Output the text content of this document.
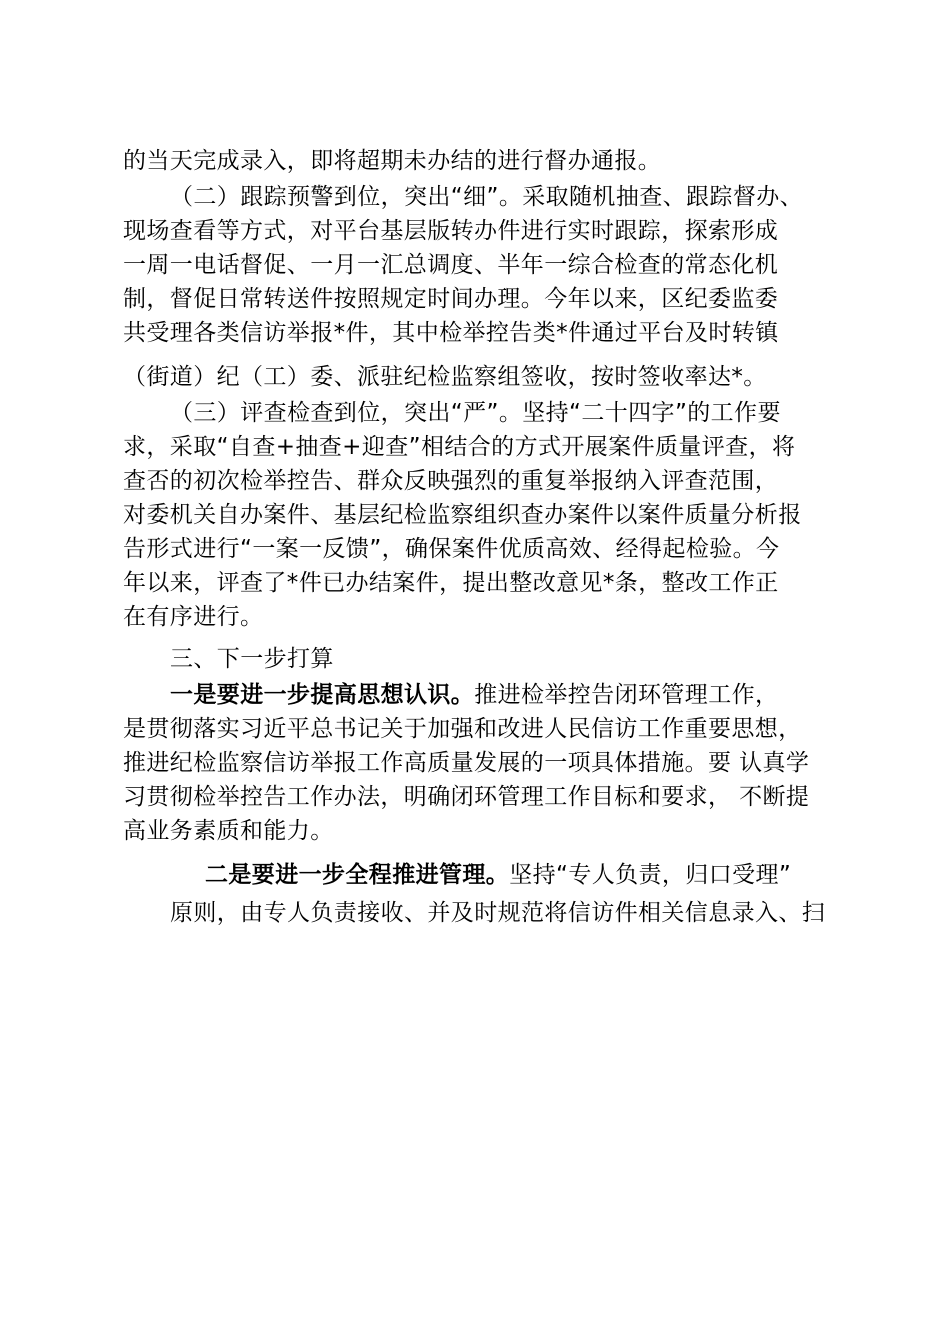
的当天完成录入，即将超期未办结的进行督办通报。
（二）跟踪预警到位，突出“细”。采取随机抽查、跟踪督办、
现场查看等方式，对平台基层版转办件进行实时跟踪，探索形成
一周一电话督促、一月一汇总调度、半年一综合检查的常态化机
制，督促日常转送件按照规定时间办理。今年以来，区纪委监委
共受理各类信访举报*件，其中检举控告类*件通过平台及时转镇
（街道）纪（工）委、派驻纪检监察组签收，按时签收率达*。
（三）评查检查到位，突出“严”。坚持“二十四字”的工作要
求，采取“自查+抽查+迎查”相结合的方式开展案件质量评查，将
查否的初次检举控告、群众反映强烈的重复举报纳入评查范围，
对委机关自办案件、基层纪检监察组织查办案件以案件质量分析报
告形式进行“一案一反馈”，确保案件优质高效、经得起检验。今
年以来，评查了*件已办结案件，提出整改意见*条，整改工作正
在有序进行。
三、下一步打算
一是要进一步提高思想认识。推进检举控告闭环管理工作，
是贯彻落实习近平总书记关于加强和改进人民信访工作重要思想，
推进纪检监察信访举报工作高质量发展的一项具体措施。要 认真学
习贯彻检举控告工作办法，明确闭环管理工作目标和要求， 不断提
高业务素质和能力。
二是要进一步全程推进管理。坚持“专人负责，归口受理”
原则，由专人负责接收、并及时规范将信访件相关信息录入、扫
